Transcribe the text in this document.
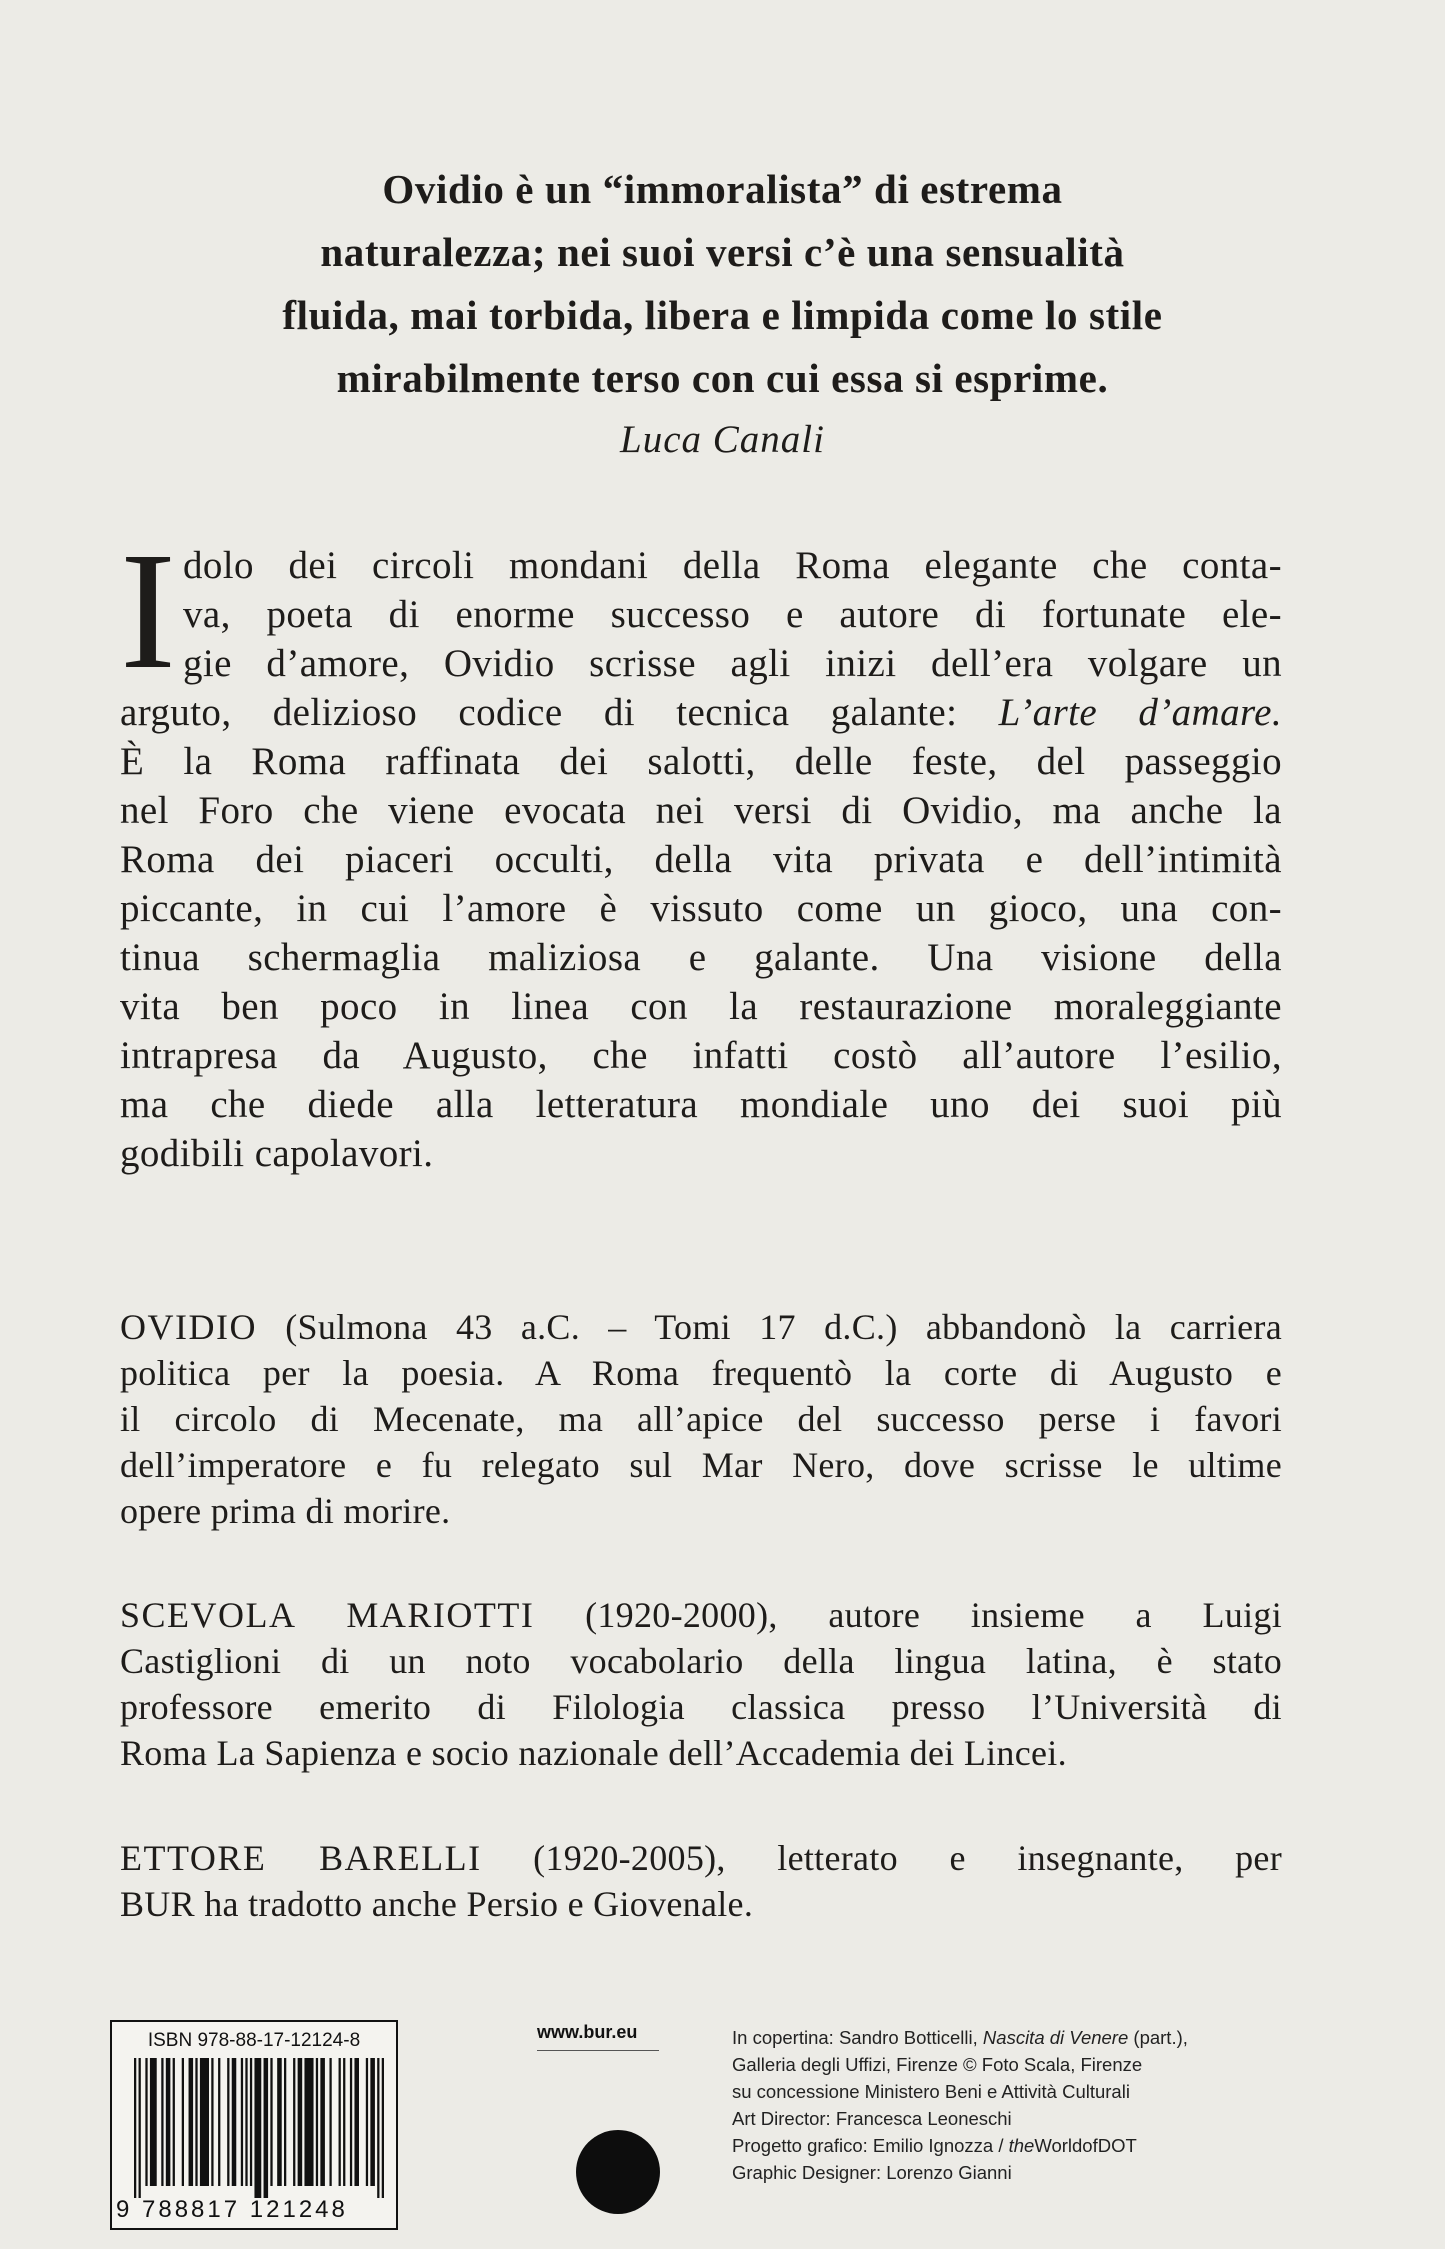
Ovidio è un “immoralista” di estrema
naturalezza; nei suoi versi c’è una sensualità
fluida, mai torbida, libera e limpida come lo stile
mirabilmente terso con cui essa si esprime.
Luca Canali
I dolo dei circoli mondani della Roma elegante che conta-
va, poeta di enorme successo e autore di fortunate ele-
gie d’amore, Ovidio scrisse agli inizi dell’era volgare un
arguto, delizioso codice di tecnica galante: L’arte d’amare.
È la Roma raffinata dei salotti, delle feste, del passeggio
nel Foro che viene evocata nei versi di Ovidio, ma anche la
Roma dei piaceri occulti, della vita privata e dell’intimità
piccante, in cui l’amore è vissuto come un gioco, una con-
tinua schermaglia maliziosa e galante. Una visione della
vita ben poco in linea con la restaurazione moraleggiante
intrapresa da Augusto, che infatti costò all’autore l’esilio,
ma che diede alla letteratura mondiale uno dei suoi più
godibili capolavori.
OVIDIO (Sulmona 43 a.C. – Tomi 17 d.C.) abbandonò la carriera
politica per la poesia. A Roma frequentò la corte di Augusto e
il circolo di Mecenate, ma all’apice del successo perse i favori
dell’imperatore e fu relegato sul Mar Nero, dove scrisse le ultime
opere prima di morire.
SCEVOLA MARIOTTI (1920-2000), autore insieme a Luigi
Castiglioni di un noto vocabolario della lingua latina, è stato
professore emerito di Filologia classica presso l’Università di
Roma La Sapienza e socio nazionale dell’Accademia dei Lincei.
ETTORE BARELLI (1920-2005), letterato e insegnante, per
BUR ha tradotto anche Persio e Giovenale.
ISBN 978-88-17-12124-8
9 788817 121248
www.bur.eu	In copertina: Sandro Botticelli, Nascita di Venere (part.),
Galleria degli Uffizi, Firenze © Foto Scala, Firenze
su concessione Ministero Beni e Attività Culturali
Art Director: Francesca Leoneschi
Progetto grafico: Emilio Ignozza / theWorldofDOT
Graphic Designer: Lorenzo Gianni
